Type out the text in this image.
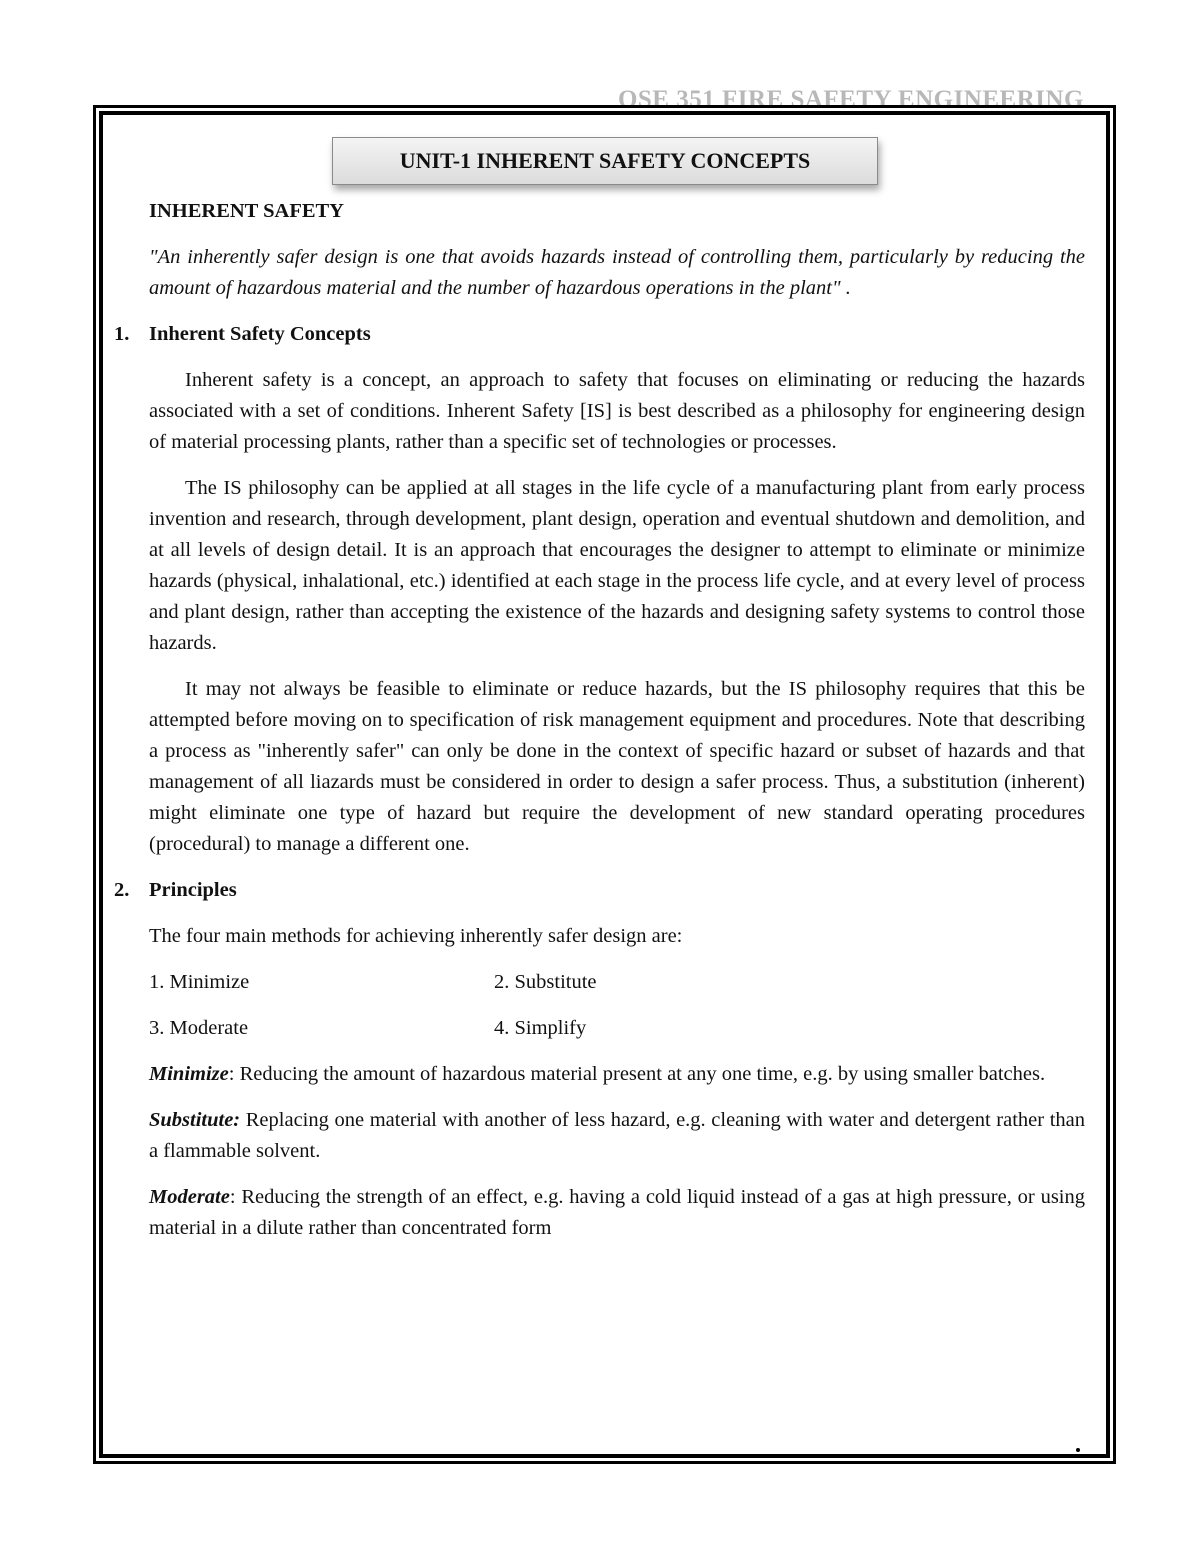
OSE 351 FIRE SAFETY ENGINEERING
UNIT-1 INHERENT SAFETY CONCEPTS

INHERENT SAFETY

"An inherently safer design is one that avoids hazards instead of controlling them, particularly by reducing the amount of hazardous material and the number of hazardous operations in the plant" .

1. Inherent Safety Concepts

Inherent safety is a concept, an approach to safety that focuses on eliminating or reducing the hazards associated with a set of conditions. Inherent Safety [IS] is best described as a philosophy for engineering design of material processing plants, rather than a specific set of technologies or processes.

The IS philosophy can be applied at all stages in the life cycle of a manufacturing plant from early process invention and research, through development, plant design, operation and eventual shutdown and demolition, and at all levels of design detail. It is an approach that encourages the designer to attempt to eliminate or minimize hazards (physical, inhalational, etc.) identified at each stage in the process life cycle, and at every level of process and plant design, rather than accepting the existence of the hazards and designing safety systems to control those hazards.

It may not always be feasible to eliminate or reduce hazards, but the IS philosophy requires that this be attempted before moving on to specification of risk management equipment and procedures. Note that describing a process as "inherently safer" can only be done in the context of specific hazard or subset of hazards and that management of all liazards must be considered in order to design a safer process. Thus, a substitution (inherent) might eliminate one type of hazard but require the development of new standard operating procedures (procedural) to manage a different one.

2. Principles

The four main methods for achieving inherently safer design are:

1. Minimize	2. Substitute
3. Moderate	4. Simplify

Minimize: Reducing the amount of hazardous material present at any one time, e.g. by using smaller batches.

Substitute: Replacing one material with another of less hazard, e.g. cleaning with water and detergent rather than a flammable solvent.

Moderate: Reducing the strength of an effect, e.g. having a cold liquid instead of a gas at high pressure, or using material in a dilute rather than concentrated form
